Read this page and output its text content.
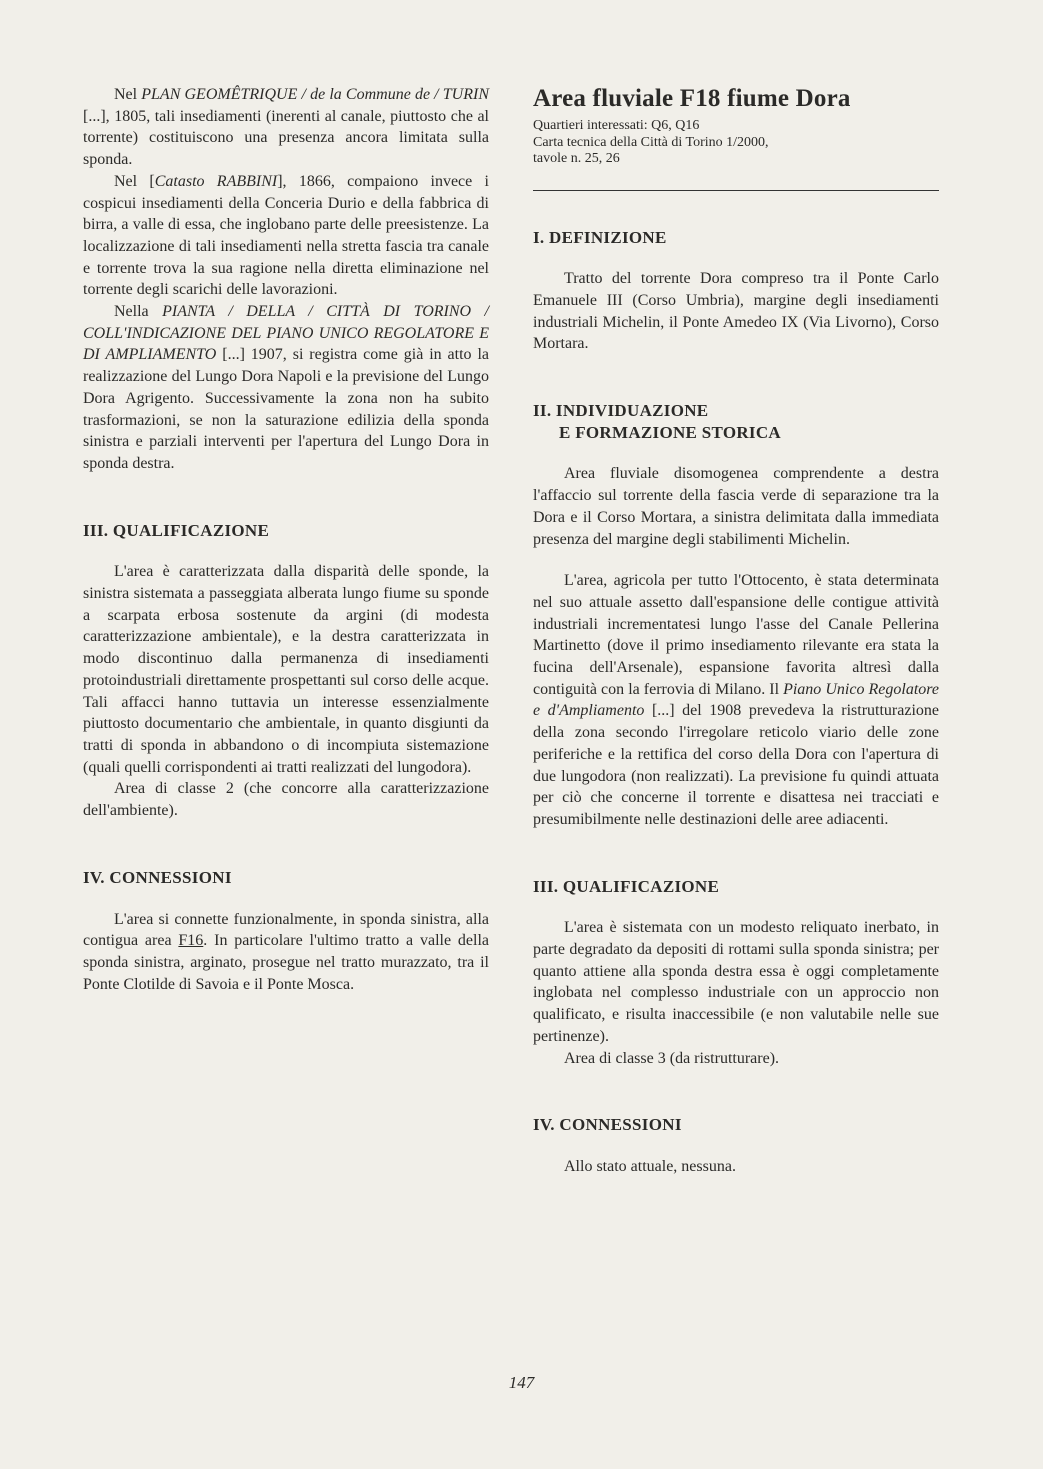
Nel PLAN GEOMÊTRIQUE / de la Commune de / TURIN [...], 1805, tali insediamenti (inerenti al canale, piuttosto che al torrente) costituiscono una presenza ancora limitata sulla sponda.

Nel [Catasto RABBINI], 1866, compaiono invece i cospicui insediamenti della Conceria Durio e della fabbrica di birra, a valle di essa, che inglobano parte delle preesistenze. La localizzazione di tali insediamenti nella stretta fascia tra canale e torrente trova la sua ragione nella diretta eliminazione nel torrente degli scarichi delle lavorazioni.

Nella PIANTA / DELLA / CITTÀ DI TORINO / COLL'INDICAZIONE DEL PIANO UNICO REGOLATORE E DI AMPLIAMENTO [...] 1907, si registra come già in atto la realizzazione del Lungo Dora Napoli e la previsione del Lungo Dora Agrigento. Successivamente la zona non ha subito trasformazioni, se non la saturazione edilizia della sponda sinistra e parziali interventi per l'apertura del Lungo Dora in sponda destra.

III. QUALIFICAZIONE

L'area è caratterizzata dalla disparità delle sponde, la sinistra sistemata a passeggiata alberata lungo fiume su sponde a scarpata erbosa sostenute da argini (di modesta caratterizzazione ambientale), e la destra caratterizzata in modo discontinuo dalla permanenza di insediamenti protoindustriali direttamente prospettanti sul corso delle acque. Tali affacci hanno tuttavia un interesse essenzialmente piuttosto documentario che ambientale, in quanto disgiunti da tratti di sponda in abbandono o di incompiuta sistemazione (quali quelli corrispondenti ai tratti realizzati del lungodora).

Area di classe 2 (che concorre alla caratterizzazione dell'ambiente).

IV. CONNESSIONI

L'area si connette funzionalmente, in sponda sinistra, alla contigua area F16. In particolare l'ultimo tratto a valle della sponda sinistra, arginato, prosegue nel tratto murazzato, tra il Ponte Clotilde di Savoia e il Ponte Mosca.

Area fluviale F18 fiume Dora

Quartieri interessati: Q6, Q16

Carta tecnica della Città di Torino 1/2000,

tavole n. 25, 26

I. DEFINIZIONE

Tratto del torrente Dora compreso tra il Ponte Carlo Emanuele III (Corso Umbria), margine degli insediamenti industriali Michelin, il Ponte Amedeo IX (Via Livorno), Corso Mortara.

II. INDIVIDUAZIONE
E FORMAZIONE STORICA

Area fluviale disomogenea comprendente a destra l'affaccio sul torrente della fascia verde di separazione tra la Dora e il Corso Mortara, a sinistra delimitata dalla immediata presenza del margine degli stabilimenti Michelin.

L'area, agricola per tutto l'Ottocento, è stata determinata nel suo attuale assetto dall'espansione delle contigue attività industriali incrementatesi lungo l'asse del Canale Pellerina Martinetto (dove il primo insediamento rilevante era stata la fucina dell'Arsenale), espansione favorita altresì dalla contiguità con la ferrovia di Milano. Il Piano Unico Regolatore e d'Ampliamento [...] del 1908 prevedeva la ristrutturazione della zona secondo l'irregolare reticolo viario delle zone periferiche e la rettifica del corso della Dora con l'apertura di due lungodora (non realizzati). La previsione fu quindi attuata per ciò che concerne il torrente e disattesa nei tracciati e presumibilmente nelle destinazioni delle aree adiacenti.

III. QUALIFICAZIONE

L'area è sistemata con un modesto reliquato inerbato, in parte degradato da depositi di rottami sulla sponda sinistra; per quanto attiene alla sponda destra essa è oggi completamente inglobata nel complesso industriale con un approccio non qualificato, e risulta inaccessibile (e non valutabile nelle sue pertinenze).

Area di classe 3 (da ristrutturare).

IV. CONNESSIONI

Allo stato attuale, nessuna.

147
